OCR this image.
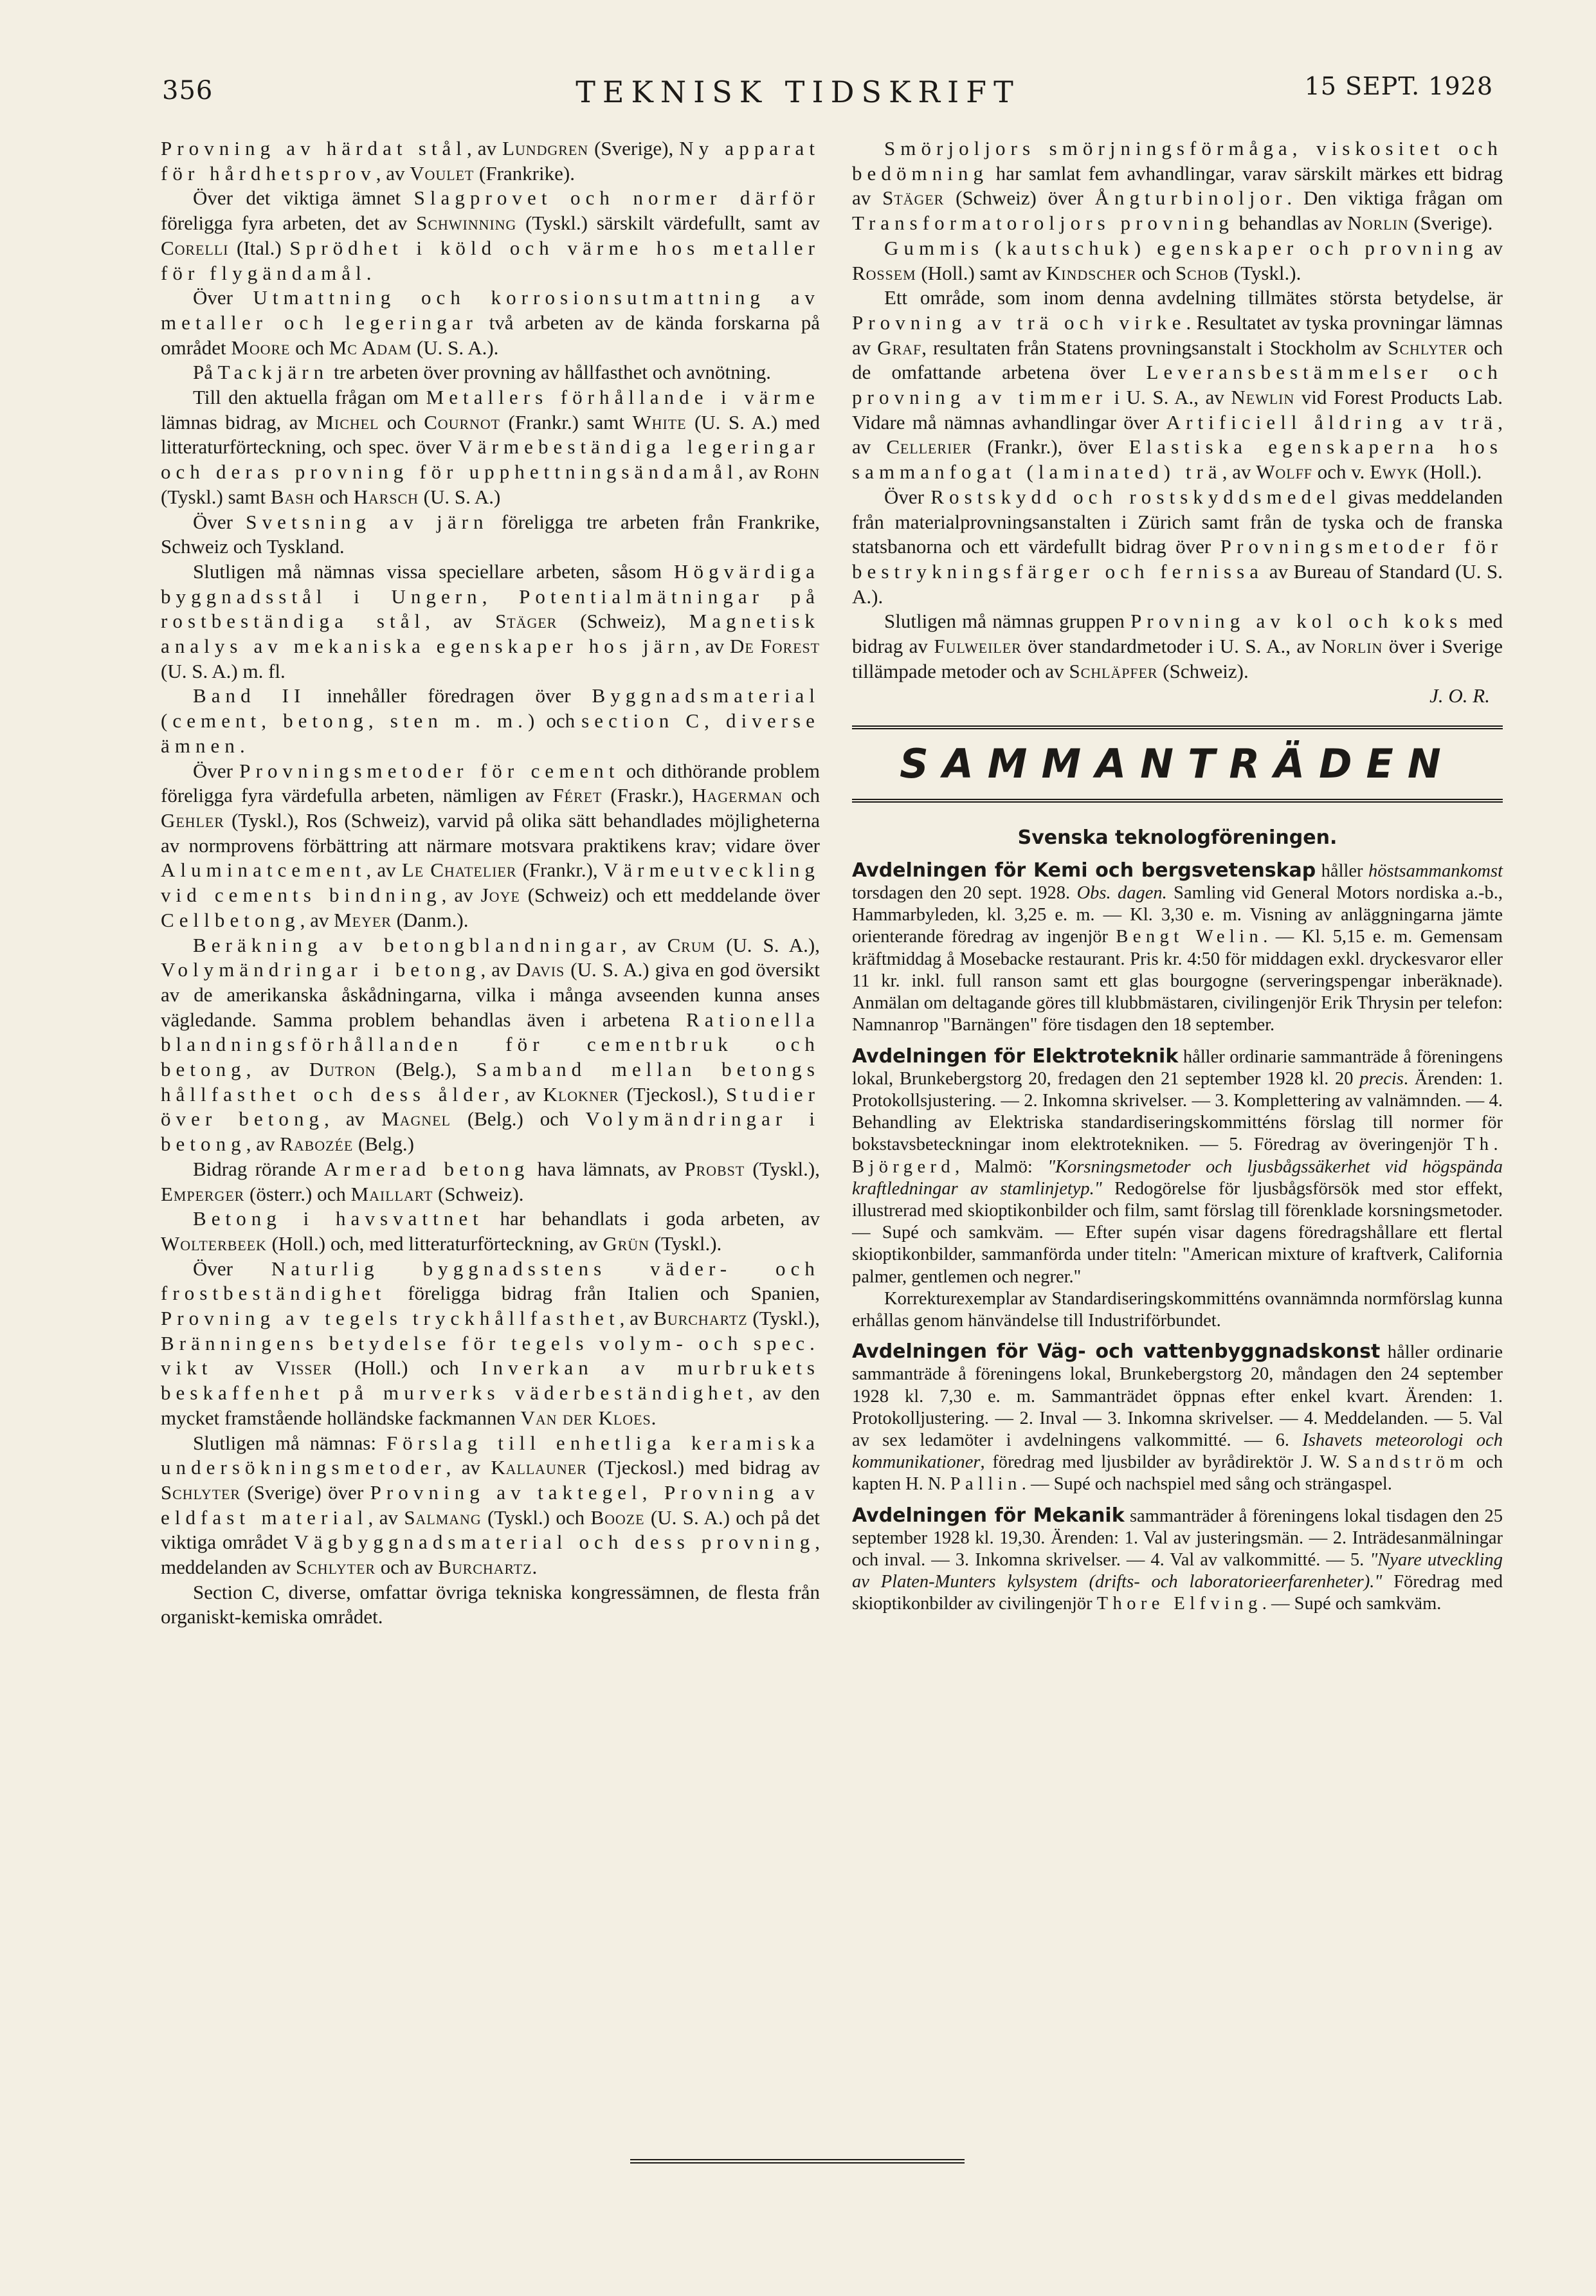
356	TEKNISK TIDSKRIFT	15 SEPT. 1928

Provning av härdat stål, av Lundgren (Sverige), Ny apparat för hårdhetsprov, av Voulet (Frankrike).

Över det viktiga ämnet Slagprovet och normer därför föreligga fyra arbeten, det av Schwinning (Tyskl.) särskilt värdefullt, samt av Corelli (Ital.) Sprödhet i köld och värme hos metaller för flygändamål.

Över Utmattning och korrosionsutmattning av metaller och legeringar två arbeten av de kända forskarna på området Moore och Mc Adam (U. S. A.).

På Tackjärn tre arbeten över provning av hållfasthet och avnötning.

Till den aktuella frågan om Metallers förhållande i värme lämnas bidrag, av Michel och Cournot (Frankr.) samt White (U. S. A.) med litteraturförteckning, och spec. över Värmebeständiga legeringar och deras provning för upphettningsändamål, av Rohn (Tyskl.) samt Bash och Harsch (U. S. A.)

Över Svetsning av järn föreligga tre arbeten från Frankrike, Schweiz och Tyskland.

Slutligen må nämnas vissa speciellare arbeten, såsom Högvärdiga byggnadsstål i Ungern, Potentialmätningar på rostbeständiga stål, av Stäger (Schweiz), Magnetisk analys av mekaniska egenskaper hos järn, av De Forest (U. S. A.) m. fl.

Band II innehåller föredragen över Byggnadsmaterial (cement, betong, sten m. m.) och section C, diverse ämnen.

Över Provningsmetoder för cement och dithörande problem föreligga fyra värdefulla arbeten, nämligen av Féret (Fraskr.), Hagerman och Gehler (Tyskl.), Ros (Schweiz), varvid på olika sätt behandlades möjligheterna av normprovens förbättring att närmare motsvara praktikens krav; vidare över Aluminatcement, av Le Chatelier (Frankr.), Värmeutveckling vid cements bindning, av Joye (Schweiz) och ett meddelande över Cellbetong, av Meyer (Danm.).

Beräkning av betongblandningar, av Crum (U. S. A.), Volymändringar i betong, av Davis (U. S. A.) giva en god översikt av de amerikanska åskådningarna, vilka i många avseenden kunna anses vägledande. Samma problem behandlas även i arbetena Rationella blandningsförhållanden för cementbruk och betong, av Dutron (Belg.), Samband mellan betongs hållfasthet och dess ålder, av Klokner (Tjeckosl.), Studier över betong, av Magnel (Belg.) och Volymändringar i betong, av Rabozée (Belg.)

Bidrag rörande Armerad betong hava lämnats, av Probst (Tyskl.), Emperger (österr.) och Maillart (Schweiz).

Betong i havsvattnet har behandlats i goda arbeten, av Wolterbeek (Holl.) och, med litteraturförteckning, av Grün (Tyskl.).

Över Naturlig byggnadsstens väder- och frostbeständighet föreligga bidrag från Italien och Spanien, Provning av tegels tryckhållfasthet, av Burchartz (Tyskl.), Bränningens betydelse för tegels volym- och spec. vikt av Visser (Holl.) och Inverkan av murbrukets beskaffenhet på murverks väderbeständighet, av den mycket framstående holländske fackmannen Van der Kloes.

Slutligen må nämnas: Förslag till enhetliga keramiska undersökningsmetoder, av Kallauner (Tjeckosl.) med bidrag av Schlyter (Sverige) över Provning av taktegel, Provning av eldfast material, av Salmang (Tyskl.) och Booze (U. S. A.) och på det viktiga området Vägbyggnadsmaterial och dess provning, meddelanden av Schlyter och av Burchartz.

Section C, diverse, omfattar övriga tekniska kongressämnen, de flesta från organiskt-kemiska området.

Smörjoljors smörjningsförmåga, viskositet och bedömning har samlat fem avhandlingar, varav särskilt märkes ett bidrag av Stäger (Schweiz) över Ångturbinoljor. Den viktiga frågan om Transformatoroljors provning behandlas av Norlin (Sverige).

Gummis (kautschuk) egenskaper och provning av Rossem (Holl.) samt av Kindscher och Schob (Tyskl.).

Ett område, som inom denna avdelning tillmätes största betydelse, är Provning av trä och virke. Resultatet av tyska provningar lämnas av Graf, resultaten från Statens provningsanstalt i Stockholm av Schlyter och de omfattande arbetena över Leveransbestämmelser och provning av timmer i U. S. A., av Newlin vid Forest Products Lab. Vidare må nämnas avhandlingar över Artificiell åldring av trä, av Cellerier (Frankr.), över Elastiska egenskaperna hos sammanfogat (laminated) trä, av Wolff och v. Ewyk (Holl.).

Över Rostskydd och rostskyddsmedel givas meddelanden från materialprovningsanstalten i Zürich samt från de tyska och de franska statsbanorna och ett värdefullt bidrag över Provningsmetoder för bestrykningsfärger och fernissa av Bureau of Standard (U. S. A.).

Slutligen må nämnas gruppen Provning av kol och koks med bidrag av Fulweiler över standardmetoder i U. S. A., av Norlin över i Sverige tillämpade metoder och av Schläpfer (Schweiz).

J. O. R.

SAMMANTRÄDEN
Svenska teknologföreningen.

Avdelningen för Kemi och bergsvetenskap håller höstsammankomst torsdagen den 20 sept. 1928. Obs. dagen. Samling vid General Motors nordiska a.-b., Hammarbyleden, kl. 3,25 e. m. — Kl. 3,30 e. m. Visning av anläggningarna jämte orienterande föredrag av ingenjör Bengt Welin. — Kl. 5,15 e. m. Gemensam kräftmiddag å Mosebacke restaurant. Pris kr. 4:50 för middagen exkl. dryckesvaror eller 11 kr. inkl. full ranson samt ett glas bourgogne (serveringspengar inberäknade). Anmälan om deltagande göres till klubbmästaren, civilingenjör Erik Thrysin per telefon: Namnanrop "Barnängen" före tisdagen den 18 september.

Avdelningen för Elektroteknik håller ordinarie sammanträde å föreningens lokal, Brunkebergstorg 20, fredagen den 21 september 1928 kl. 20 precis. Ärenden: 1. Protokollsjustering. — 2. Inkomna skrivelser. — 3. Komplettering av valnämnden. — 4. Behandling av Elektriska standardiseringskommitténs förslag till normer för bokstavsbeteckningar inom elektrotekniken. — 5. Föredrag av överingenjör Th. Björgerd, Malmö: "Korsningsmetoder och ljusbågssäkerhet vid högspända kraftledningar av stamlinjetyp." Redogörelse för ljusbågsförsök med stor effekt, illustrerad med skioptikonbilder och film, samt förslag till förenklade korsningsmetoder. — Supé och samkväm. — Efter supén visar dagens föredragshållare ett flertal skioptikonbilder, sammanförda under titeln: "American mixture of kraftverk, California palmer, gentlemen och negrer."

Korrekturexemplar av Standardiseringskommitténs ovannämnda normförslag kunna erhållas genom hänvändelse till Industriförbundet.

Avdelningen för Väg- och vattenbyggnadskonst håller ordinarie sammanträde å föreningens lokal, Brunkebergstorg 20, måndagen den 24 september 1928 kl. 7,30 e. m. Sammanträdet öppnas efter enkel kvart. Ärenden: 1. Protokolljustering. — 2. Inval — 3. Inkomna skrivelser. — 4. Meddelanden. — 5. Val av sex ledamöter i avdelningens valkommitté. — 6. Ishavets meteorologi och kommunikationer, föredrag med ljusbilder av byrådirektör J. W. Sandström och kapten H. N. Pallin. — Supé och nachspiel med sång och strängaspel.

Avdelningen för Mekanik sammanträder å föreningens lokal tisdagen den 25 september 1928 kl. 19,30. Ärenden: 1. Val av justeringsmän. — 2. Inträdesanmälningar och inval. — 3. Inkomna skrivelser. — 4. Val av valkommitté. — 5. "Nyare utveckling av Platen-Munters kylsystem (drifts- och laboratorieerfarenheter)." Föredrag med skioptikonbilder av civilingenjör Thore Elfving. — Supé och samkväm.
